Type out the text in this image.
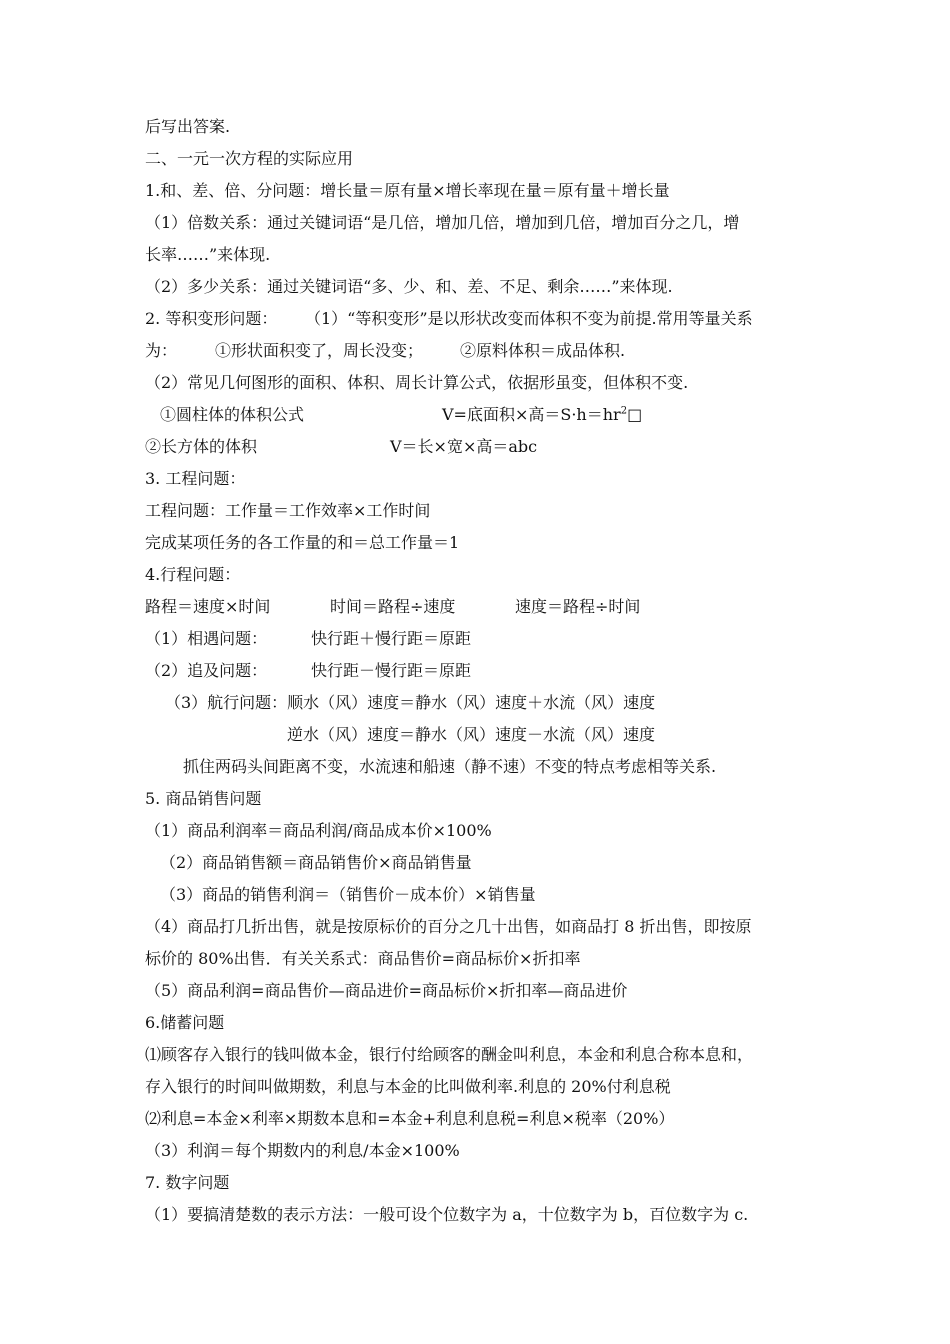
后写出答案.
二、一元一次方程的实际应用
1.和、差、倍、分问题：增长量＝原有量×增长率现在量＝原有量＋增长量
（1）倍数关系：通过关键词语“是几倍，增加几倍，增加到几倍，增加百分之几，增
长率……”来体现.
（2）多少关系：通过关键词语“多、少、和、差、不足、剩余……”来体现.
2. 等积变形问题： （1）“等积变形”是以形状改变而体积不变为前提.常用等量关系
为： ①形状面积变了，周长没变； ②原料体积＝成品体积.
（2）常见几何图形的面积、体积、周长计算公式，依据形虽变，但体积不变.
①圆柱体的体积公式	V=底面积×高$=S\cdot h=hr^2□$
②长方体的体积	V＝长×宽×高＝abc
3. 工程问题：
工程问题：工作量＝工作效率×工作时间
完成某项任务的各工作量的和＝总工作量＝1
4.行程问题：
路程＝速度×时间	时间＝路程÷速度	速度＝路程÷时间
（1）相遇问题：	快行距＋慢行距＝原距
（2）追及问题：	快行距－慢行距＝原距
（3）航行问题：顺水（风）速度＝静水（风）速度＋水流（风）速度
逆水（风）速度＝静水（风）速度－水流（风）速度
抓住两码头间距离不变，水流速和船速（静不速）不变的特点考虑相等关系.
5. 商品销售问题
（1）商品利润率＝商品利润/商品成本价×100%
（2）商品销售额＝商品销售价×商品销售量
（3）商品的销售利润＝（销售价－成本价）×销售量
（4）商品打几折出售，就是按原标价的百分之几十出售，如商品打 8 折出售，即按原
标价的 80%出售．有关关系式：商品售价=商品标价×折扣率
（5）商品利润=商品售价—商品进价=商品标价×折扣率—商品进价
6.储蓄问题
⑴顾客存入银行的钱叫做本金，银行付给顾客的酬金叫利息，本金和利息合称本息和，
存入银行的时间叫做期数，利息与本金的比叫做利率.利息的 20%付利息税
⑵利息=本金×利率×期数本息和=本金+利息利息税=利息×税率（20%）
（3）利润＝每个期数内的利息/本金×100%
7. 数字问题
（1）要搞清楚数的表示方法：一般可设个位数字为 a，十位数字为 b，百位数字为 c.
